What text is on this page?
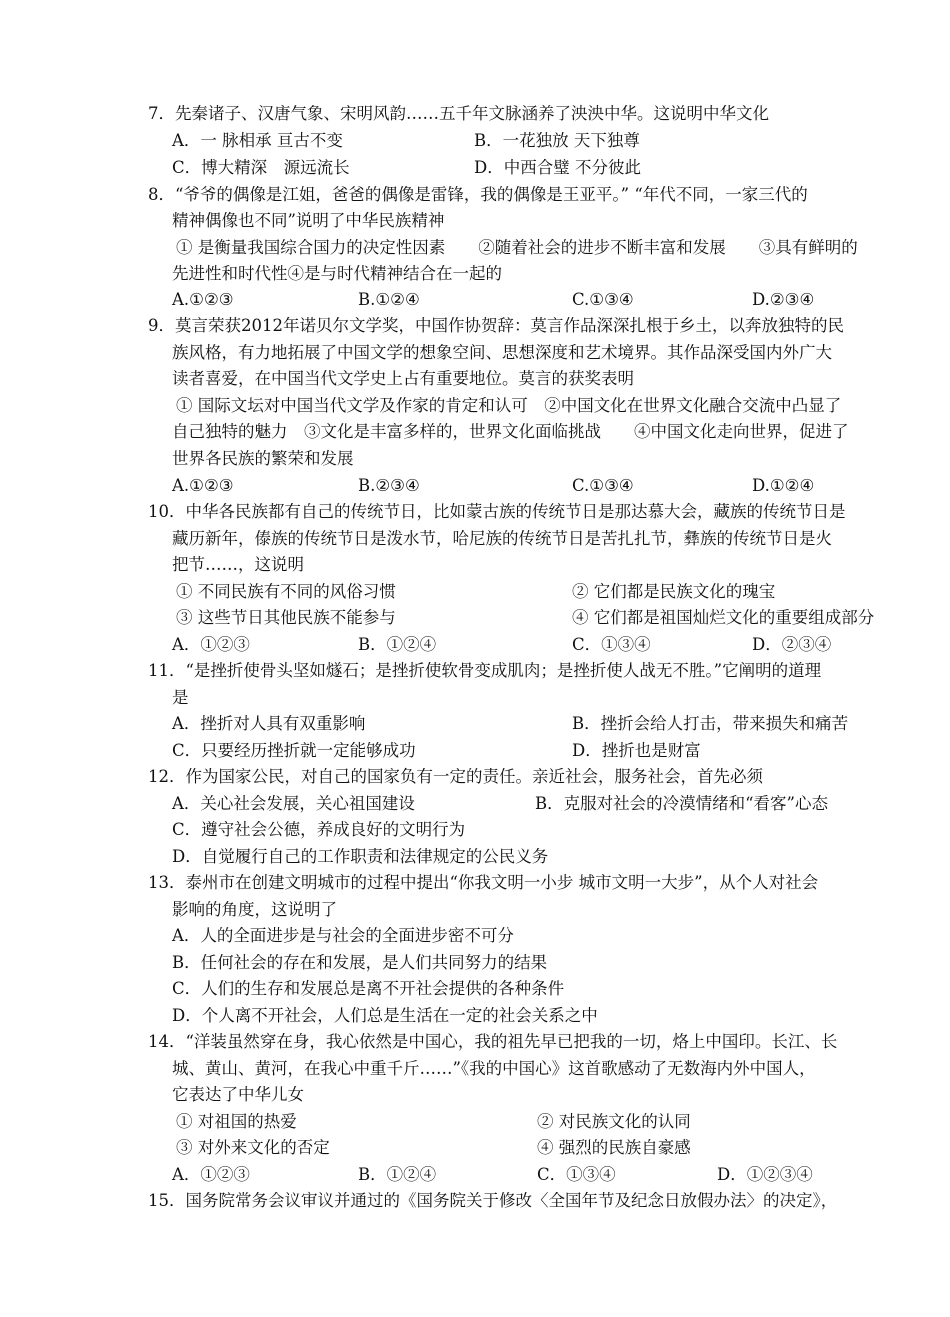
7．先秦诸子、汉唐气象、宋明风韵……五千年文脉涵养了泱泱中华。这说明中华文化
A．一 脉相承 亘古不变	B．一花独放 天下独尊
C．博大精深　源远流长	D．中西合璧 不分彼此
8．“爷爷的偶像是江姐，爸爸的偶像是雷锋，我的偶像是王亚平。” “年代不同，一家三代的
精神偶像也不同”说明了中华民族精神
① 是衡量我国综合国力的决定性因素　　②随着社会的进步不断丰富和发展　　③具有鲜明的
先进性和时代性④是与时代精神结合在一起的
A.①②③	B.①②④	C.①③④	D.②③④
9．莫言荣获2012年诺贝尔文学奖，中国作协贺辞：莫言作品深深扎根于乡土，以奔放独特的民
族风格，有力地拓展了中国文学的想象空间、思想深度和艺术境界。其作品深受国内外广大
读者喜爱，在中国当代文学史上占有重要地位。莫言的获奖表明
① 国际文坛对中国当代文学及作家的肯定和认可　②中国文化在世界文化融合交流中凸显了
自己独特的魅力　③文化是丰富多样的，世界文化面临挑战　　④中国文化走向世界，促进了
世界各民族的繁荣和发展
A.①②③	B.②③④	C.①③④	D.①②④
10．中华各民族都有自己的传统节日，比如蒙古族的传统节日是那达慕大会，藏族的传统节日是
藏历新年，傣族的传统节日是泼水节，哈尼族的传统节日是苦扎扎节，彝族的传统节日是火
把节……，这说明
① 不同民族有不同的风俗习惯	② 它们都是民族文化的瑰宝
③ 这些节日其他民族不能参与	④ 它们都是祖国灿烂文化的重要组成部分
A．①②③	B．①②④	C．①③④	D．②③④
11．“是挫折使骨头坚如燧石；是挫折使软骨变成肌肉；是挫折使人战无不胜。”它阐明的道理
是
A．挫折对人具有双重影响	B．挫折会给人打击，带来损失和痛苦
C．只要经历挫折就一定能够成功	D．挫折也是财富
12．作为国家公民，对自己的国家负有一定的责任。亲近社会，服务社会，首先必须
A．关心社会发展，关心祖国建设	B．克服对社会的冷漠情绪和“看客”心态
C．遵守社会公德，养成良好的文明行为
D．自觉履行自己的工作职责和法律规定的公民义务
13．泰州市在创建文明城市的过程中提出“你我文明一小步 城市文明一大步”，从个人对社会
影响的角度，这说明了
A．人的全面进步是与社会的全面进步密不可分
B．任何社会的存在和发展，是人们共同努力的结果
C．人们的生存和发展总是离不开社会提供的各种条件
D．个人离不开社会，人们总是生活在一定的社会关系之中
14．“洋装虽然穿在身，我心依然是中国心，我的祖先早已把我的一切，烙上中国印。长江、长
城、黄山、黄河，在我心中重千斤……”《我的中国心》这首歌感动了无数海内外中国人，
它表达了中华儿女
① 对祖国的热爱	② 对民族文化的认同
③ 对外来文化的否定	④ 强烈的民族自豪感
A．①②③	B．①②④	C．①③④	D．①②③④
15．国务院常务会议审议并通过的《国务院关于修改〈全国年节及纪念日放假办法〉的决定》，
